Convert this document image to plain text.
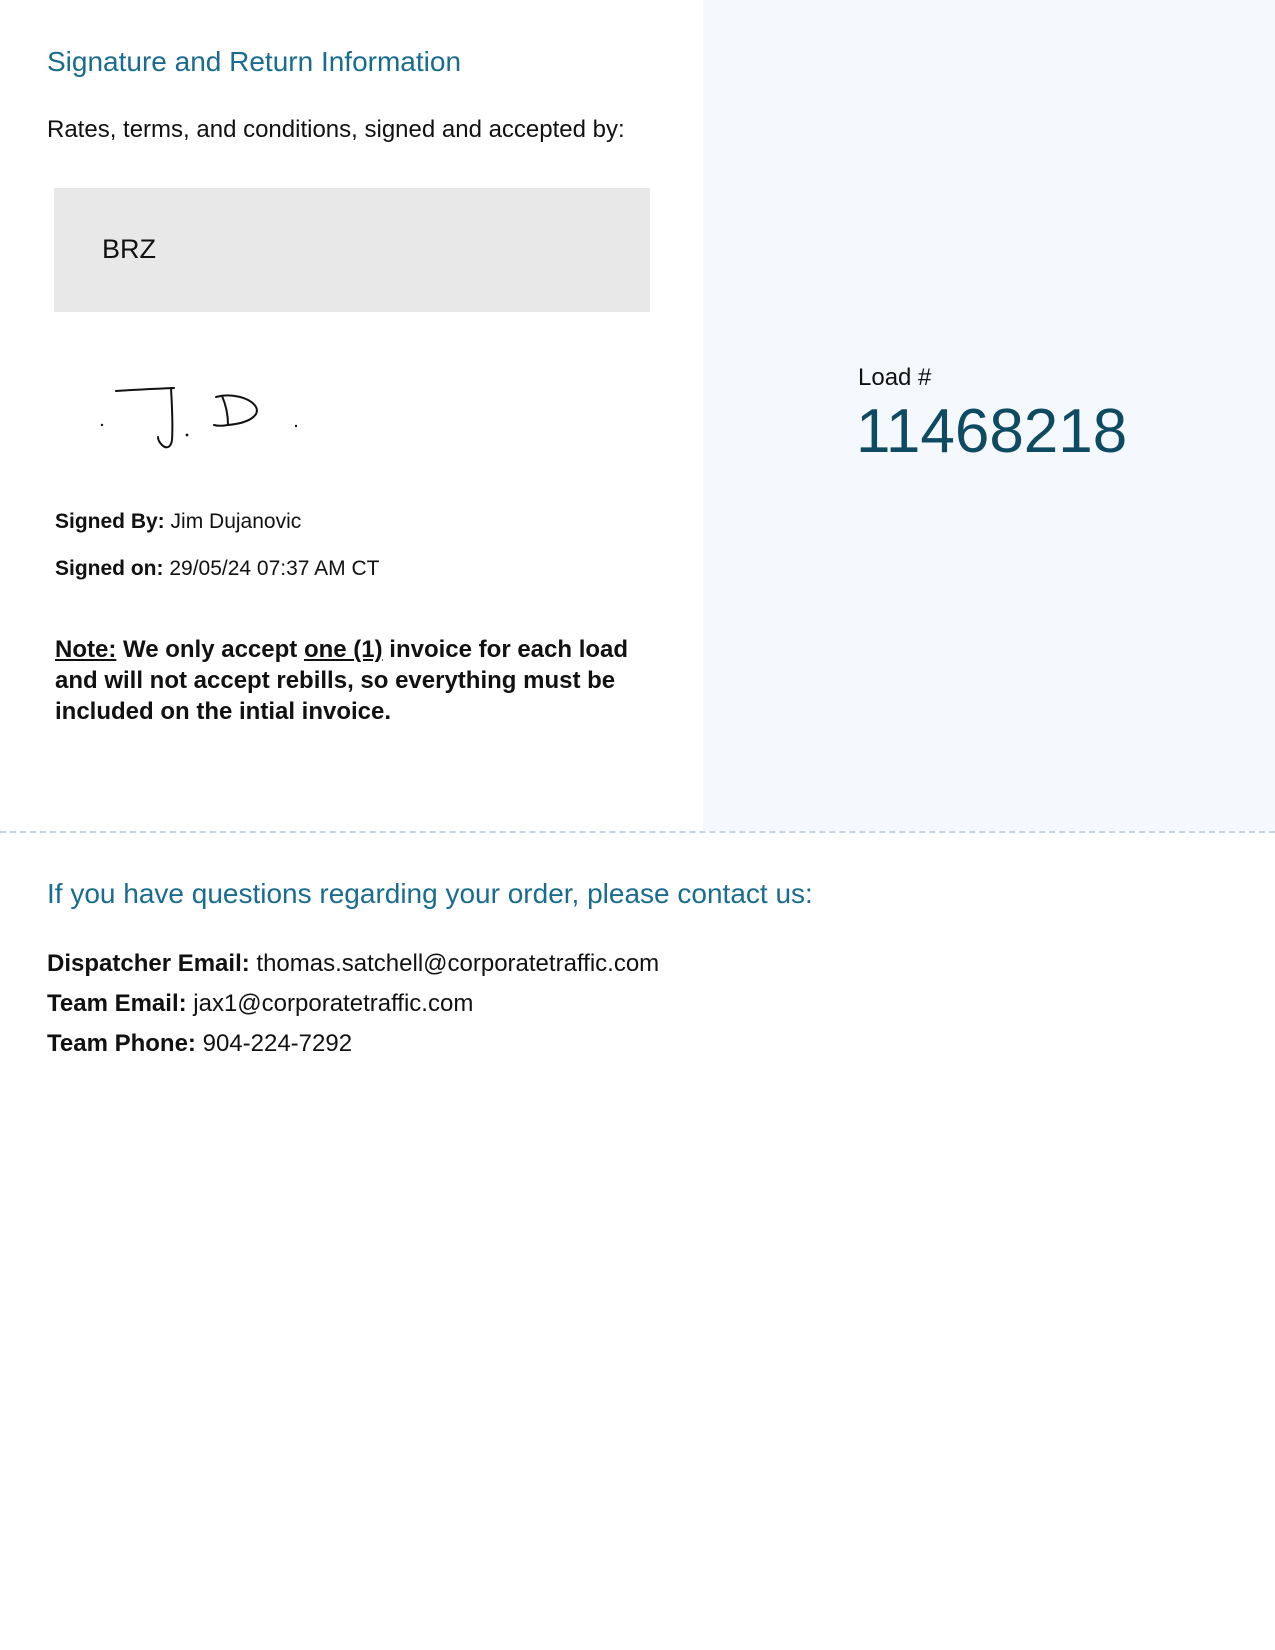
Signature and Return Information
Rates, terms, and conditions, signed and accepted by:
BRZ
Signed By: Jim Dujanovic
Signed on: 29/05/24 07:37 AM CT
Note: We only accept one (1) invoice for each load and will not accept rebills, so everything must be included on the intial invoice.
Load #
11468218
If you have questions regarding your order, please contact us:
Dispatcher Email: thomas.satchell@corporatetraffic.com
Team Email: jax1@corporatetraffic.com
Team Phone: 904-224-7292
